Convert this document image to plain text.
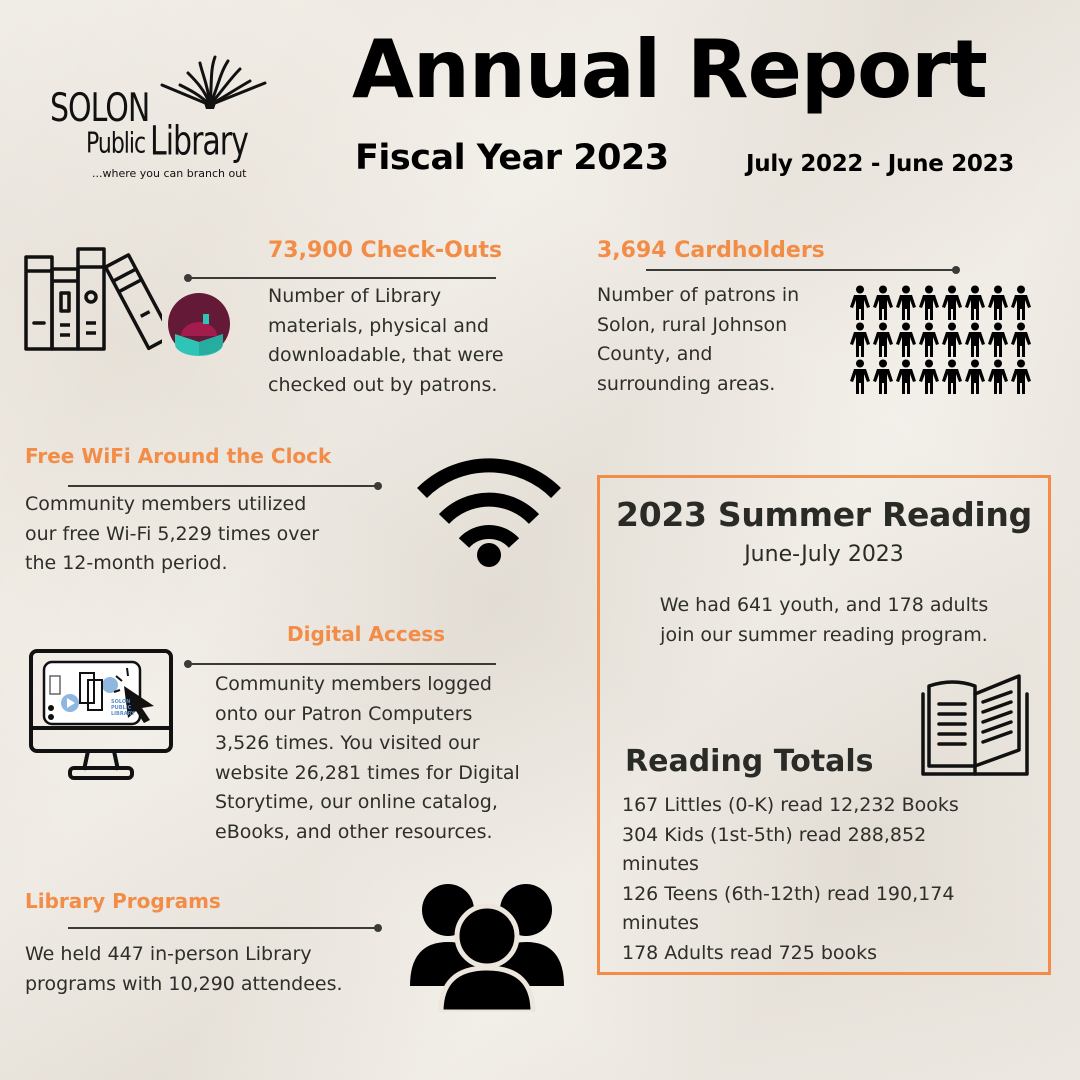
SOLON
Public Library
...where you can branch out
Annual Report
Fiscal Year 2023	July 2022 - June 2023
73,900 Check-Outs
Number of Library
materials, physical and
downloadable, that were
checked out by patrons.
3,694 Cardholders
Number of patrons in
Solon, rural Johnson
County, and
surrounding areas.
Free WiFi Around the Clock
Community members utilized
our free Wi-Fi 5,229 times over
the 12-month period.
Digital Access
Community members logged
onto our Patron Computers
3,526 times. You visited our
website 26,281 times for Digital
Storytime, our online catalog,
eBooks, and other resources.
SOLON
PUBLIC
LIBRARY
Library Programs
We held 447 in-person Library
programs with 10,290 attendees.
2023 Summer Reading
June-July 2023
We had 641 youth, and 178 adults
join our summer reading program.
Reading Totals
167 Littles (0-K) read 12,232 Books
304 Kids (1st-5th) read 288,852
minutes
126 Teens (6th-12th) read 190,174
minutes
178 Adults read 725 books
